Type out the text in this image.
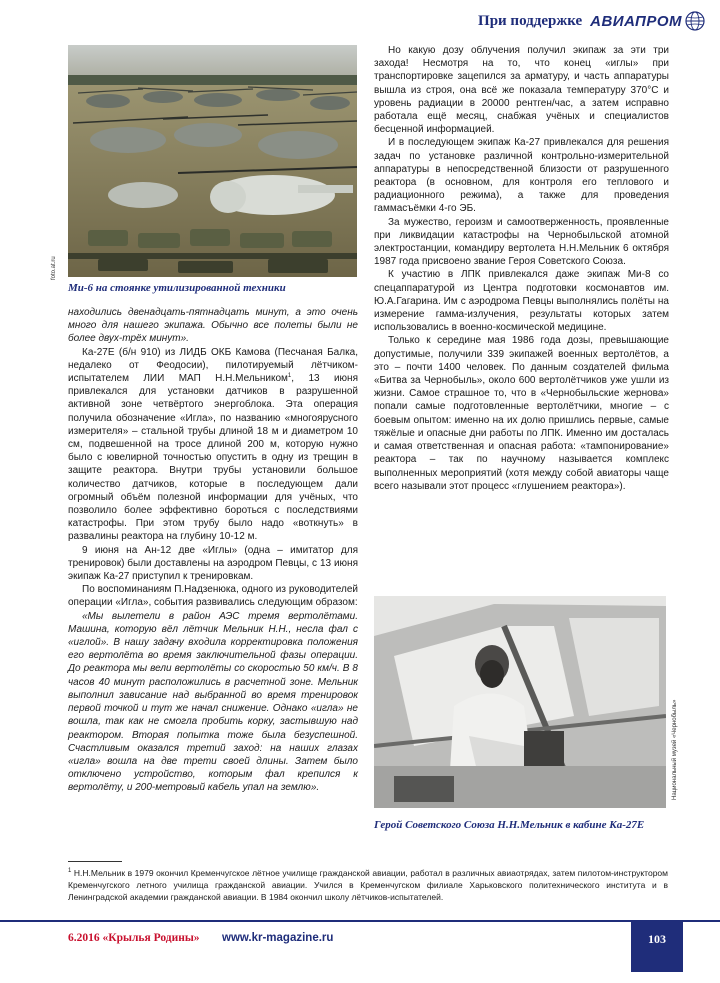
При поддержке АВИАПРОМ
foto.at.ru
Ми-6 на стоянке утилизированной техники

находились двенадцать-пятнадцать минут, а это очень много для нашего экипажа. Обычно все полеты были не более двух-трёх минут».

Ка-27Е (б/н 910) из ЛИДБ ОКБ Камова (Песчаная Балка, недалеко от Феодосии), пилотируемый лётчиком-испытателем ЛИИ МАП Н.Н.Мельником$^1$, 13 июня привлекался для установки датчиков в разрушенной активной зоне четвёртого энергоблока. Эта операция получила обозначение «Игла», по названию «многоярусного измерителя» – стальной трубы длиной 18 м и диаметром 10 см, подвешенной на тросе длиной 200 м, которую нужно было с ювелирной точностью опустить в одну из трещин в защите реактора. Внутри трубы установили большое количество датчиков, которые в последующем дали огромный объём полезной информации для учёных, что позволило более эффективно бороться с последствиями катастрофы. При этом трубу было надо «воткнуть» в развалины реактора на глубину 10-12 м.

9 июня на Ан-12 две «Иглы» (одна – имитатор для тренировок) были доставлены на аэродром Певцы, с 13 июня экипаж Ка-27 приступил к тренировкам.

По воспоминаниям П.Надзенюка, одного из руководителей операции «Игла», события развивались следующим образом:

«Мы вылетели в район АЭС тремя вертолётами. Машина, которую вёл лётчик Мельник Н.Н., несла фал с «иглой». В нашу задачу входила корректировка положения его вертолёта во время заключительной фазы операции. До реактора мы вели вертолёты со скоростью 50 км/ч. В 8 часов 40 минут расположились в расчетной зоне. Мельник выполнил зависание над выбранной во время тренировок первой точкой и тут же начал снижение. Однако «игла» не вошла, так как не смогла пробить корку, застывшую над реактором. Вторая попытка тоже была безуспешной. Счастливым оказался третий заход: на наших глазах «игла» вошла на две трети своей длины. Затем было отключено устройство, которым фал крепился к вертолёту, и 200-метровый кабель упал на землю».

Но какую дозу облучения получил экипаж за эти три захода! Несмотря на то, что конец «иглы» при транспортировке зацепился за арматуру, и часть аппаратуры вышла из строя, она всё же показала температуру 370°С и уровень радиации в 20000 рентген/час, а затем исправно работала ещё месяц, снабжая учёных и специалистов бесценной информацией.

И в последующем экипаж Ка-27 привлекался для решения задач по установке различной контрольно-измерительной аппаратуры в непосредственной близости от разрушенного реактора (в основном, для контроля его теплового и радиационного режима), а также для проведения гаммасъёмки 4-го ЭБ.

За мужество, героизм и самоотверженность, проявленные при ликвидации катастрофы на Чернобыльской атомной электростанции, командиру вертолета Н.Н.Мельник 6 октября 1987 года присвоено звание Героя Советского Союза.

К участию в ЛПК привлекался даже экипаж Ми-8 со спецаппаратурой из Центра подготовки космонавтов им. Ю.А.Гагарина. Им с аэродрома Певцы выполнялись полёты на измерение гамма-излучения, результаты которых затем использовались в военно-космической медицине.

Только к середине мая 1986 года дозы, превышающие допустимые, получили 339 экипажей военных вертолётов, а это – почти 1400 человек. По данным создателей фильма «Битва за Чернобыль», около 600 вертолётчиков уже ушли из жизни. Самое страшное то, что в «Чернобыльские жернова» попали самые подготовленные вертолётчики, многие – с боевым опытом: именно на их долю пришлись первые, самые тяжёлые и опасные дни работы по ЛПК. Именно им досталась и самая ответственная и опасная работа: «тампонирование» реактора – так по научному называется комплекс выполненных мероприятий (хотя между собой авиаторы чаще всего называли этот процесс «глушением реактора»).

Национальный музей «Чернобыль»
Герой Советского Союза Н.Н.Мельник в кабине Ка-27Е
$^1$ Н.Н.Мельник в 1979 окончил Кременчугское лётное училище гражданской авиации, работал в различных авиаотрядах, затем пилотом-инструктором Кременчугского летного училища гражданской авиации. Учился в Кременчугском филиале Харьковского политехнического института и в Ленинградской академии гражданской авиации. В 1984 окончил школу лётчиков-испытателей.
6.2016 «Крылья Родины» www.kr-magazine.ru	103
